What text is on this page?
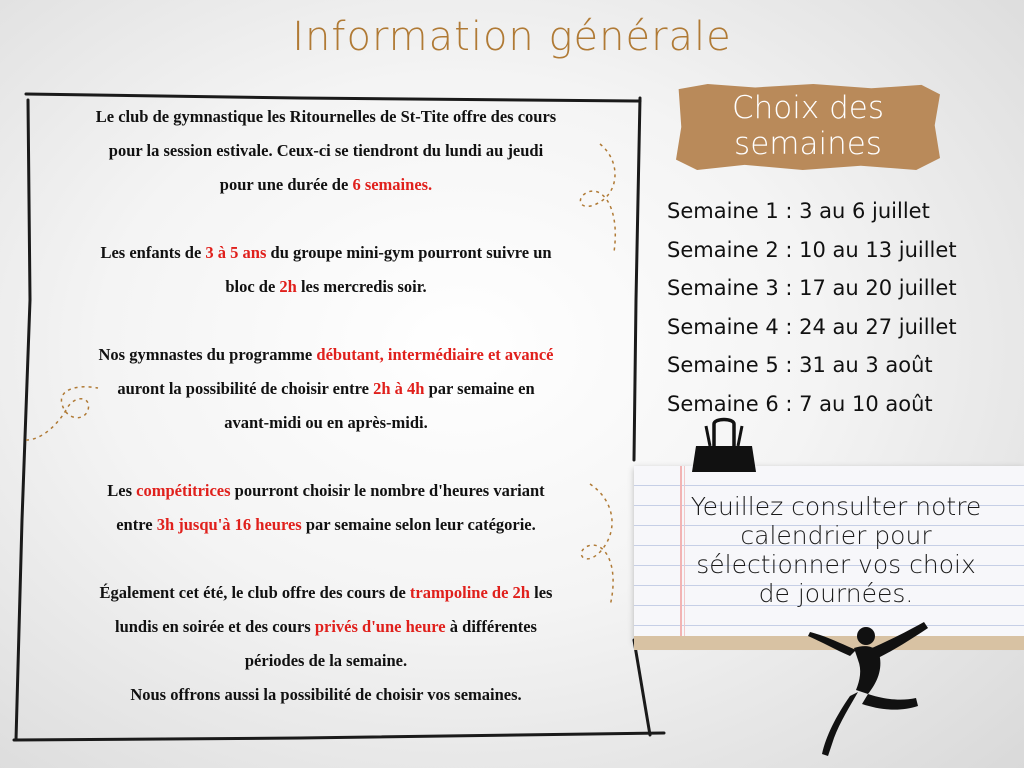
Information générale

Le club de gymnastique les Ritournelles de St-Tite offre des cours
pour la session estivale. Ceux-ci se tiendront du lundi au jeudi
pour une durée de 6 semaines.

Les enfants de 3 à 5 ans du groupe mini-gym pourront suivre un
bloc de 2h les mercredis soir.

Nos gymnastes du programme débutant, intermédiaire et avancé
auront la possibilité de choisir entre 2h à 4h par semaine en
avant-midi ou en après-midi.

Les compétitrices pourront choisir le nombre d'heures variant
entre 3h jusqu'à 16 heures par semaine selon leur catégorie.

Également cet été, le club offre des cours de trampoline de 2h les
lundis en soirée et des cours privés d'une heure à différentes
périodes de la semaine.
Nous offrons aussi la possibilité de choisir vos semaines.

Choix des
semaines
Semaine 1 : 3 au 6 juillet
Semaine 2 : 10 au 13 juillet
Semaine 3 : 17 au 20 juillet
Semaine 4 : 24 au 27 juillet
Semaine 5 : 31 au 3 août
Semaine 6 : 7 au 10 août
Yeuillez consulter notre
calendrier pour
sélectionner vos choix
de journées.
